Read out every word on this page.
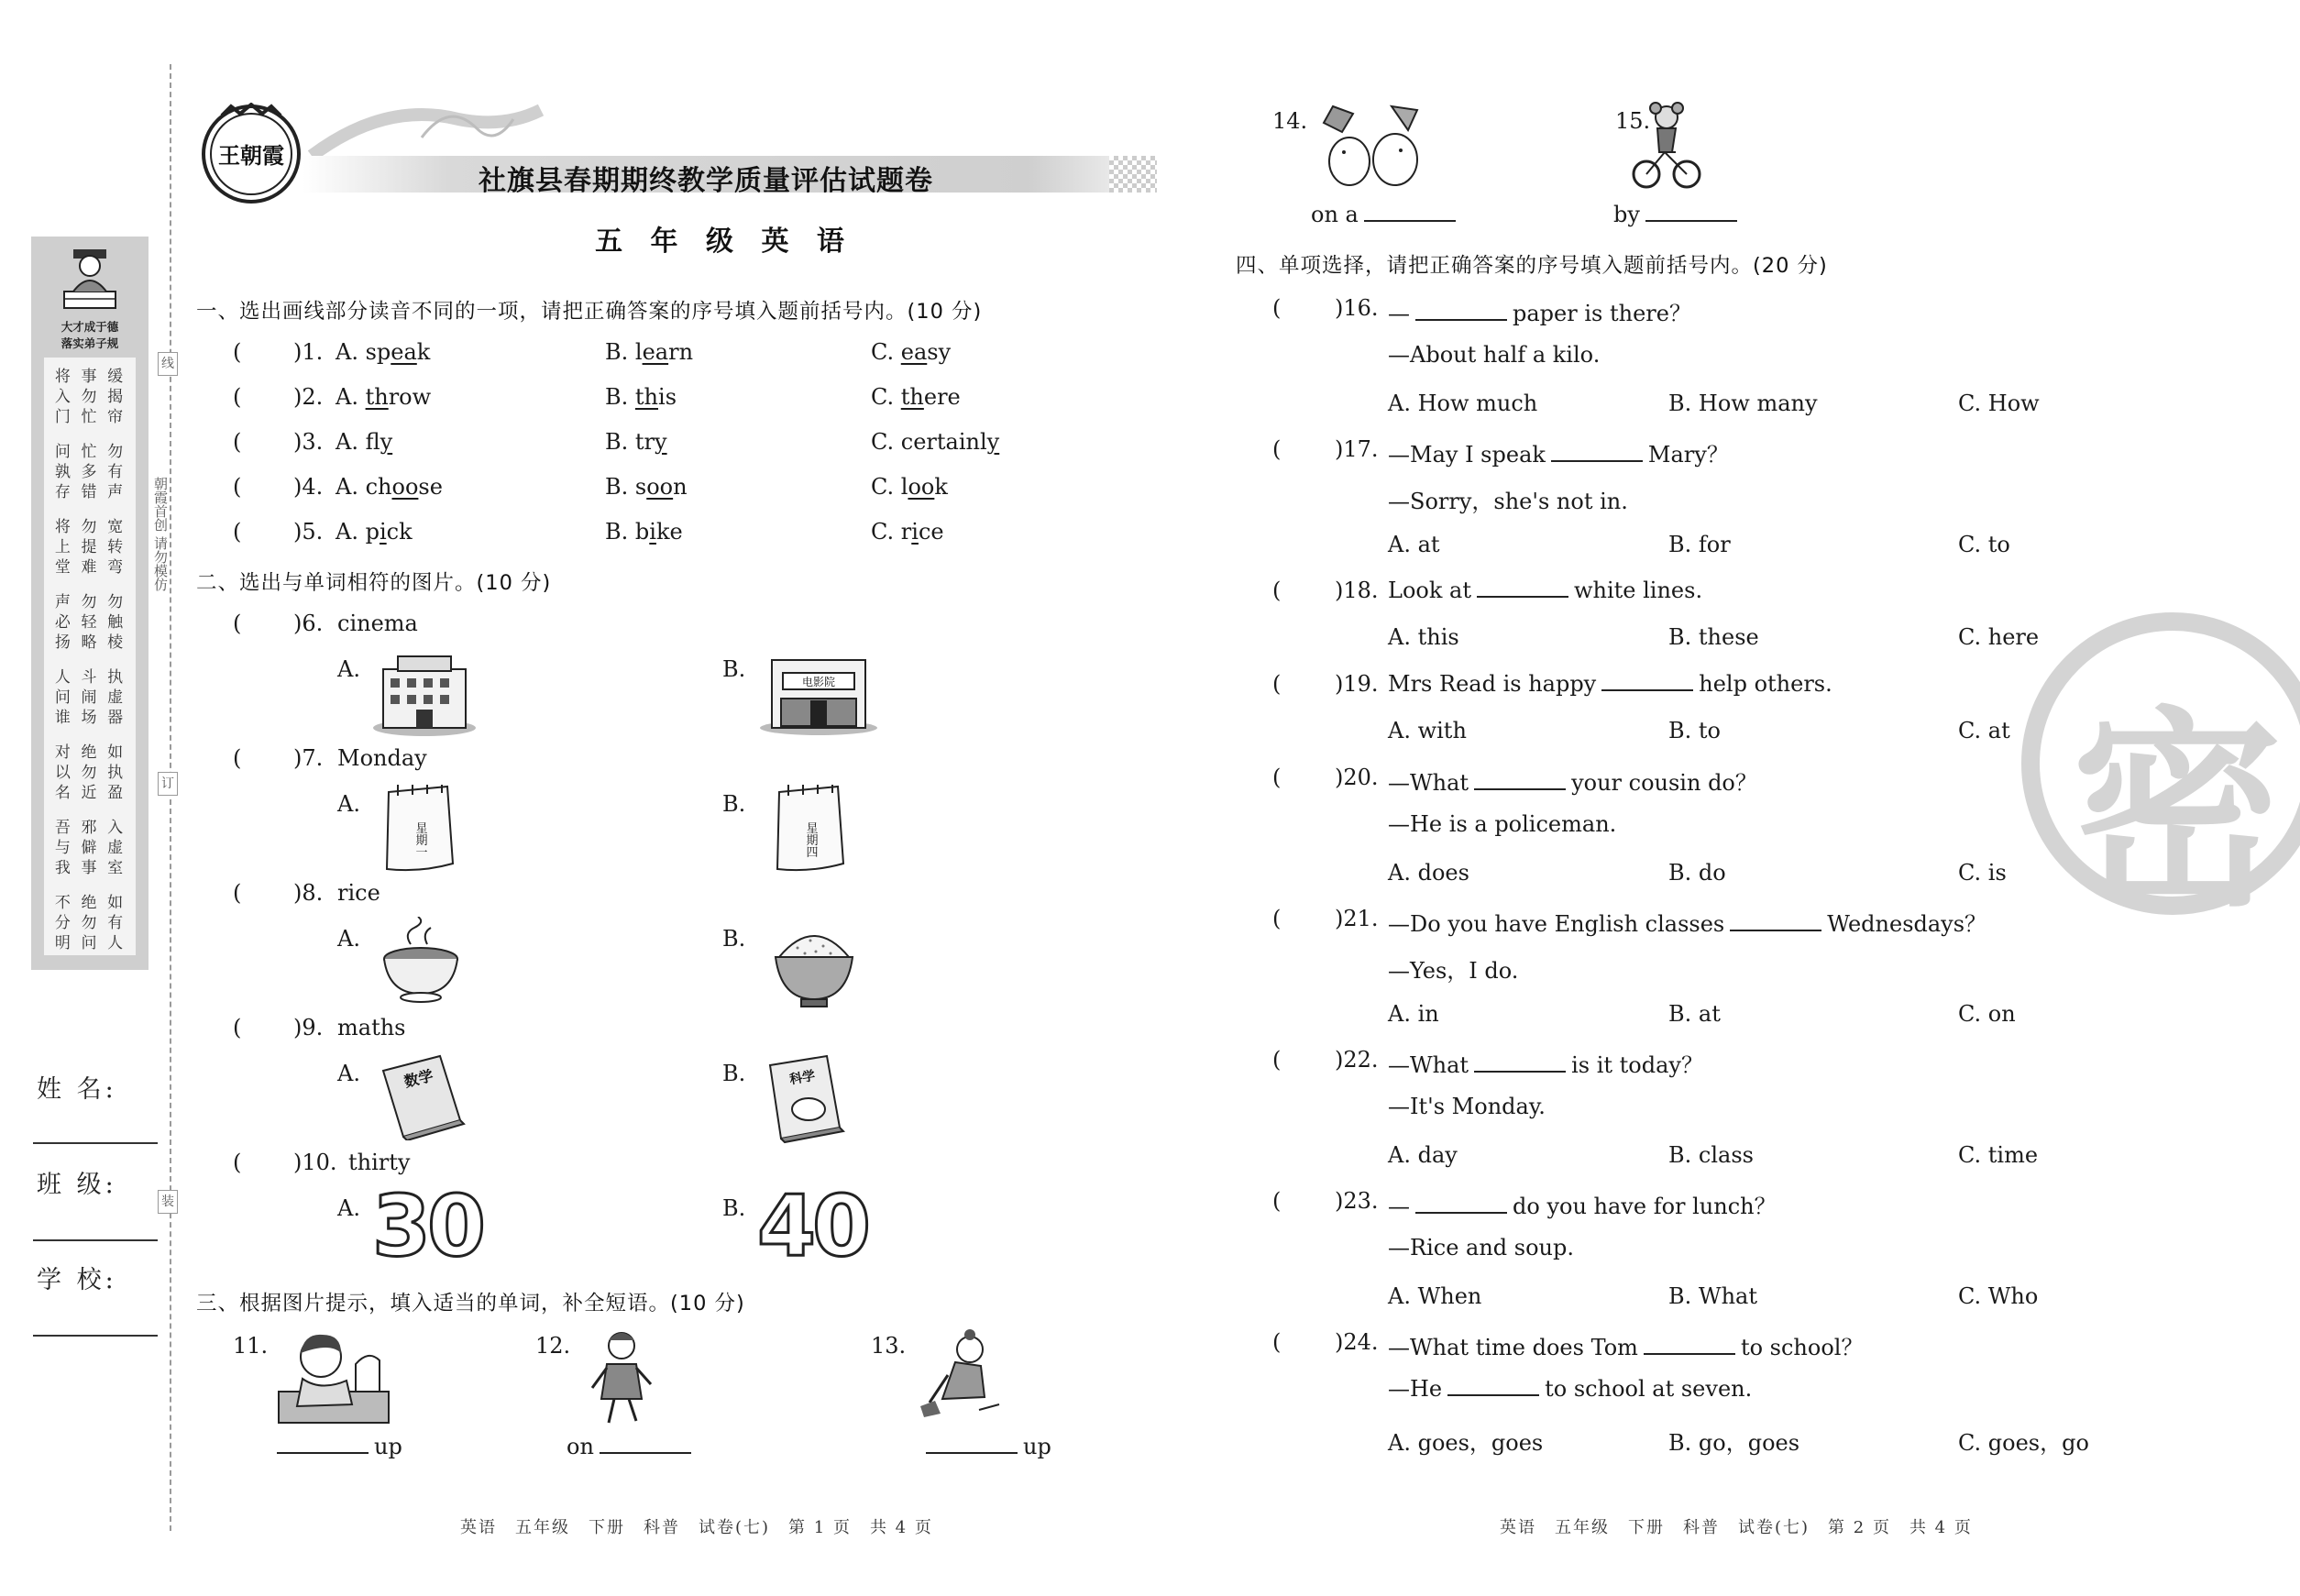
线
订
装
大才成于德
落实弟子规
朝霞首创 请勿模仿
姓 名:
班 级:
学 校:
将 事 缓
入 勿 揭
门 忙 帘
问 忙 勿
孰 多 有
存 错 声
将 勿 宽
上 提 转
堂 难 弯
声 勿 勿
必 轻 触
扬 略 棱
人 斗 执
问 闹 虚
谁 场 器
对 绝 如
以 勿 执
名 近 盈
吾 邪 入
与 僻 虚
我 事 室
不 绝 如
分 勿 有
明 问 人
王朝霞
社旗县春期期终教学质量评估试题卷
五 年 级 英 语
一、选出画线部分读音不同的一项，请把正确答案的序号填入题前括号内。(10 分)
( )1. A. speak	B. learn	C. easy
( )2. A. throw	B. this	C. there
( )3. A. fly	B. try	C. certainly
( )4. A. choose	B. soon	C. look
( )5. A. pick	B. bike	C. rice
二、选出与单词相符的图片。(10 分)
( )6. cinema
A.	B.
( )7. Monday
A.	B.
( )8. rice
A.	B.
( )9. maths
A.	B.
( )10. thirty
A.	B.
电影院
星期一	星期四
数学	科学
30	40
三、根据图片提示，填入适当的单词，补全短语。(10 分)
11.
up
12.
on
13.
up
14.
on a
15.
by
四、单项选择，请把正确答案的序号填入题前括号内。(20 分)
( )16. —	paper is there？
—About half a kilo.
A. How much	B. How many	C. How
( )17. —May I speak	Mary？
—Sorry，she's not in.
A. at	B. for	C. to
( )18. Look at	white lines.
A. this	B. these	C. here
( )19. Mrs Read is happy	help others.
A. with	B. to	C. at
( )20. —What	your cousin do？
—He is a policeman.
A. does	B. do	C. is
( )21. —Do you have English classes	Wednesdays？
—Yes，I do.
A. in	B. at	C. on
( )22. —What	is it today？
—It's Monday.
A. day	B. class	C. time
( )23. —	do you have for lunch？
—Rice and soup.
A. When	B. What	C. Who
( )24. —What time does Tom	to school？
—He	to school at seven.
A. goes，goes	B. go，goes	C. goes，go
密
英语　五年级　下册　科普　试卷(七)　第 1 页　共 4 页	英语　五年级　下册　科普　试卷(七)　第 2 页　共 4 页
